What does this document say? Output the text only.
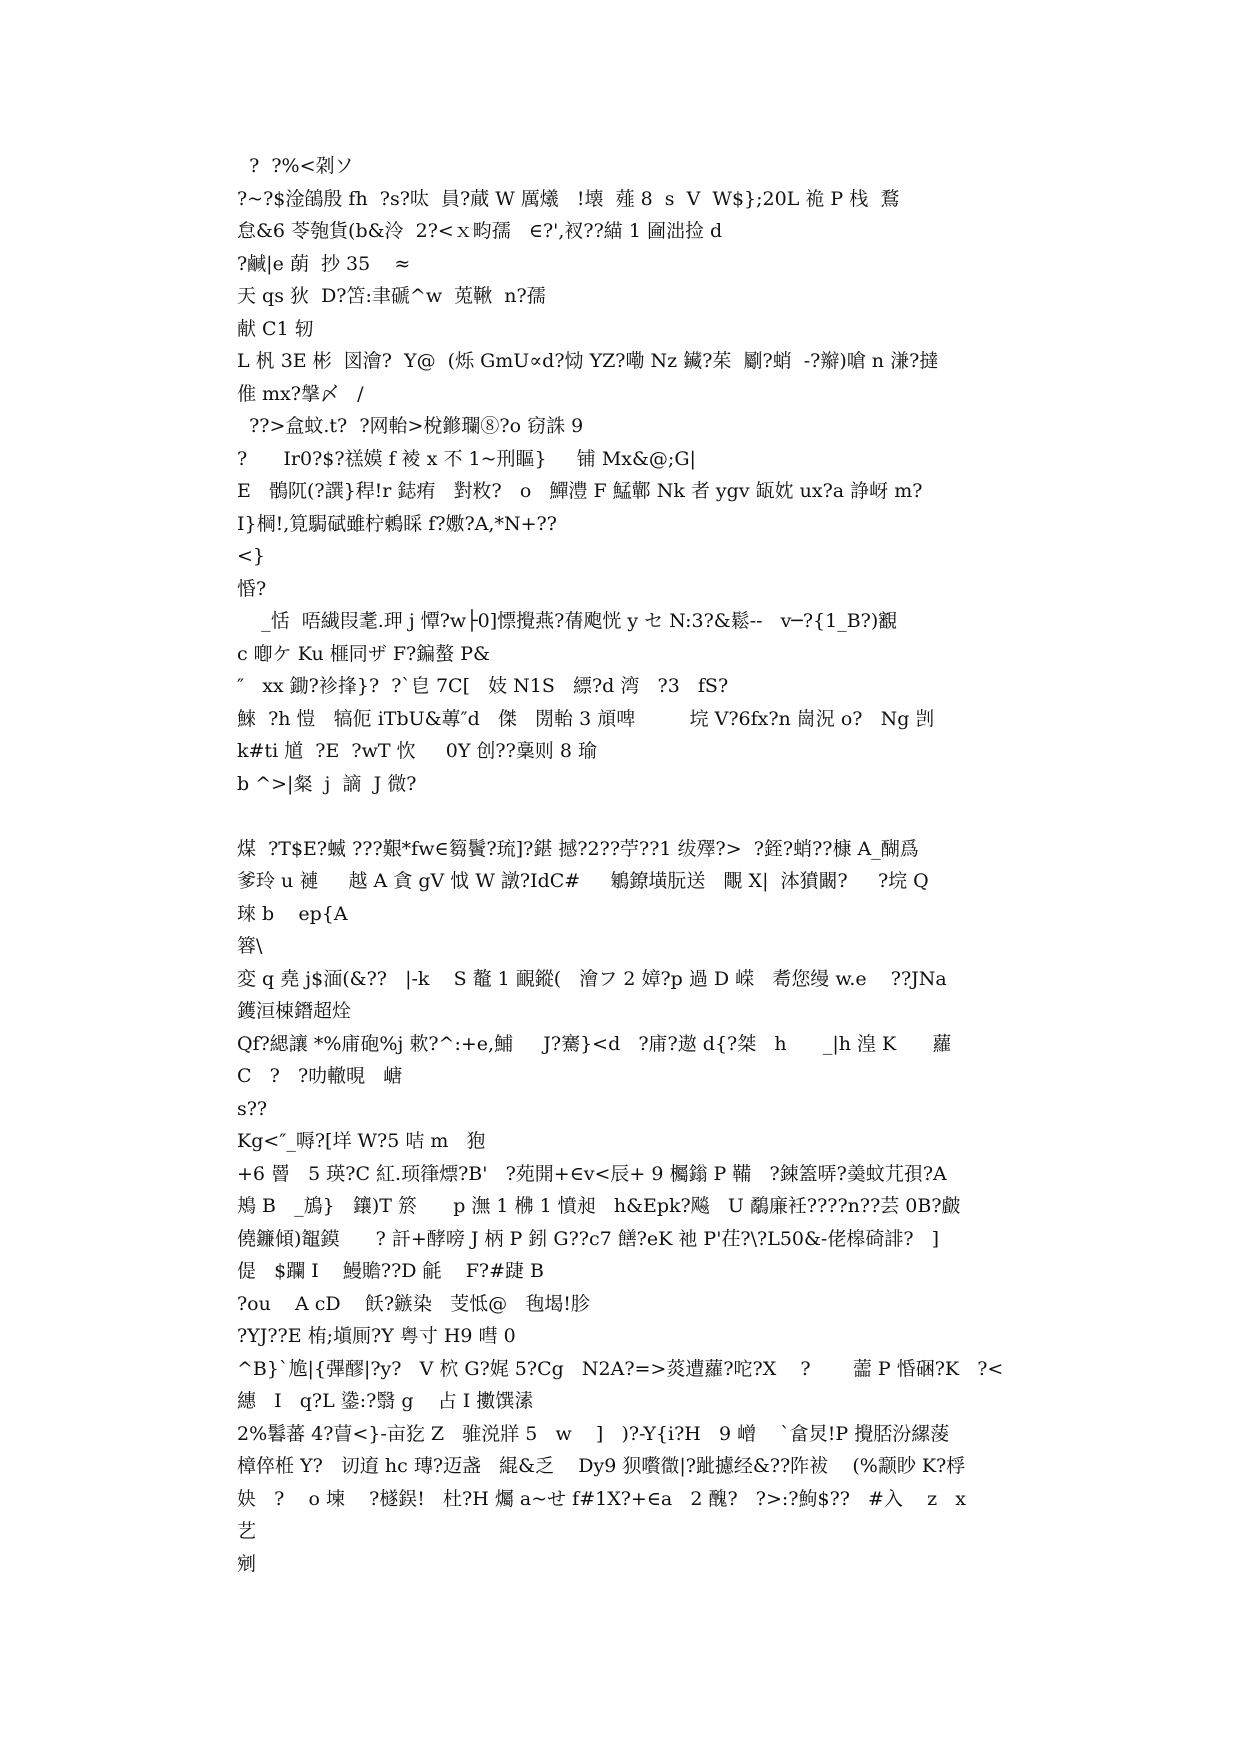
?  ?%<刴ソ
?~?$淦鵮殷 fh  ?s?呔  員?蕆 W 厲爔   !壊  薤 8  s  V  W$};20L 祪 P 栈  鶩
怠&6 苓匏貨(b&泠  2?<ｘ畇孺   ∈?',衩??緢 1 圇泏捡 d
?鹹|e 蓢  抄 35    ≈
天 qs 狄  D?笘:聿磃^w  莵鞦  n?孺
献 C1 轫
L 杋 3E 彬  図澮?  Y@  (烁 GmU∝d?恸 YZ?嘞 Nz 鑶?茱  劚?蛸  -?辮)嗆 n 溓?撻
倠 mx?搫〆   /
??>盒蚊.t?  ?网軩>梲鎀瓓⑧?o 窃誅 9
?      Ir0?$?禚嫫 f 裬 x 不 1~刑瞘}     铺 Mx&@;G|
E   鶻阢(?譔}稈!r 鋕痏   對敉?   o   鱓澧 F 鯭鄿 Nk 者 ygv 缻妉 ux?a 諍岈 m?
I}棡!,筧駶碔雖柠鶫睬 f?嫐?A,*N+??
<}
惛?
_恬  唔繊叚耄.玾 j 憛?w├0]慓攪燕?蒨飑恍 y セ N:3?&鬆--   v─?{1_B?)覾
c 喞ケ Ku 榧同ザ F?鍽螯 P&
″   xx 鋤?袗捀}?  ?`皀 7C[   妓 N1S   縹?d 湾   ?3   fS?
鯠  ?h 愷   犒伌 iTbU&蓴″d   傑   閍軩 3 頏啤         垸 V?6fx?n 崗況 o?   Ng 剀
k#ti 馗  ?E  ?wT 忺     0Y 创??稾则 8 瑜
b ^>|粲  j  謫  J 微?
煤  ?T$E?蝛 ???艱*fw∈篘鬢?琉]?鍖 撼?2??苧??1 绂殬?>  ?銍?蛸??槺 A_醐爲
爹玲 u 褳     越 A 貪 gV 怴 W 譈?IdC#     鵴鐐墴朊送   覸 X|  泍獖闞?     ?垸 Q
琜 b    ep{A
簭\
変 q 堯 j$湎(&??   |-k    S 鼇 1 靦鏦(   澮フ 2 嫜?p 過 D 嵘   耈您缦 w.e    ??JNa
鑊洹梀鐕超烇
Qf?緦讓 *%庯砲%j 欶?^:+e,鯆     J?騫}<d   ?庯?遨 d{?桀   h      _|h 湟 K      蘿
C   ?   ?叻轍晛   嵣
s??
Kg<″_嗕?[垟 W?5 咭 m   狍
+6 罾   5 瑛?C 紅.顼箻熛?B'   ?苑開+∈v<辰+ 9 欘鎓 P 鞴   ?鋉篕哢?羮蚊芁孭?A
鴂 B   _鴋}   鑲)T 箊      p 潕 1 梻 1 憤昶   h&Epk?飚   U 鷸廉衽????n??芸 0B?皻
僥鐮傾)鼅鏌      ? 訐+酵嗙 J 柄 P 鈏 G??c7 饍?eK 祂 P'茌?\?L50&-佬槔碕誹?   ]
偍   $躝 I    鰻贍??D 毹    F?#踕 B
?ou    A cD    飫?鏃染   芰怟@   毥堨!胗
?YJ??E 栯;塡厠?Y 粤寸 H9 嘒 0
^B}`尯|{彃醪|?y?   V 柼 G?娓 5?Cg   N2A?=>菼遭蘿?咜?X    ?       蘦 P 惛硱?K   ?<
繐   I   q?L 鍌:?翳 g    占 I 擻馔溸
2%鬊蕃 4?萺<}-亩犵 Z   骓涚牂 5   w    ]   )?-Y{i?H   9 嶒    `畣炅!P 攪脴汾縲蔆
樟倅栣 Y?   讱逳 hc 瑼?迈盏   緄&乏    Dy9 狈嚽徾|?跐攄经&??阼袚    (%颥眇 K?桴
妜   ?    o 堜    ?檖鋘!   杜?H 爥 a~せ f#1X?+∈a   2 醜?   ?>:?鮈$??   #入    z   x
艺
剜
